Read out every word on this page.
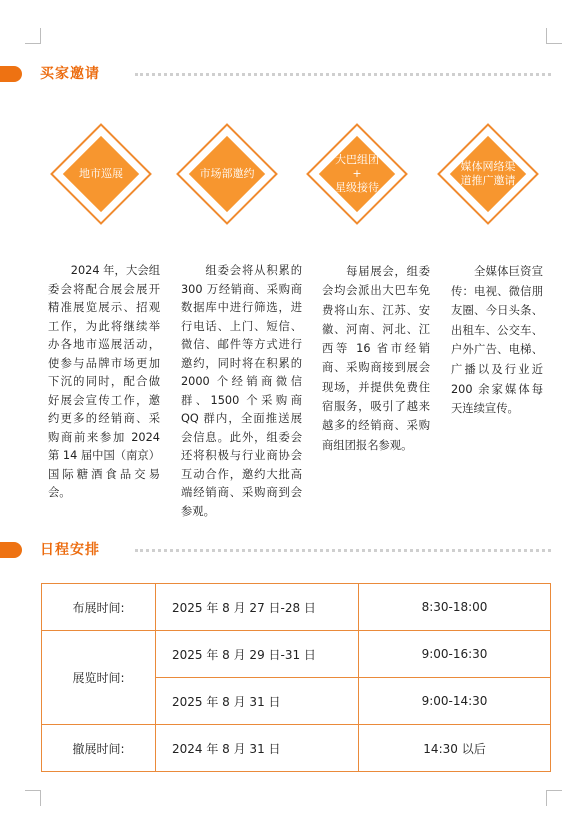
买家邀请
地市巡展	市场部邀约
大巴组团
+
星级接待
媒体网络渠道推广邀请
　　2024 年，大会组委会将配合展会展开精准展览展示、招观工作，为此将继续举办各地市巡展活动，使参与品牌市场更加下沉的同时，配合做好展会宣传工作，邀约更多的经销商、采购商前来参加 2024 第 14 届中国（南京）国际糖酒食品交易会。
　　组委会将从积累的 300 万经销商、采购商数据库中进行筛选，进行电话、上门、短信、微信、邮件等方式进行邀约，同时将在积累的 2000 个经销商微信群、1500 个采购商 QQ 群内，全面推送展会信息。此外，组委会还将积极与行业商协会互动合作，邀约大批高端经销商、采购商到会参观。
　　每届展会，组委会均会派出大巴车免费将山东、江苏、安徽、河南、河北、江西等 16 省市经销商、采购商接到展会现场，并提供免费住宿服务，吸引了越来越多的经销商、采购商组团报名参观。
　　全媒体巨资宣传：电视、微信朋友圈、今日头条、出租车、公交车、户外广告、电梯、广播以及行业近 200 余家媒体每天连续宣传。
日程安排
布展时间:	2025 年 8 月 27 日-28 日	8:30-18:00
展览时间:	2025 年 8 月 29 日-31 日	9:00-16:30
	2025 年 8 月 31 日	9:00-14:30
撤展时间:	2024 年 8 月 31 日	14:30 以后
